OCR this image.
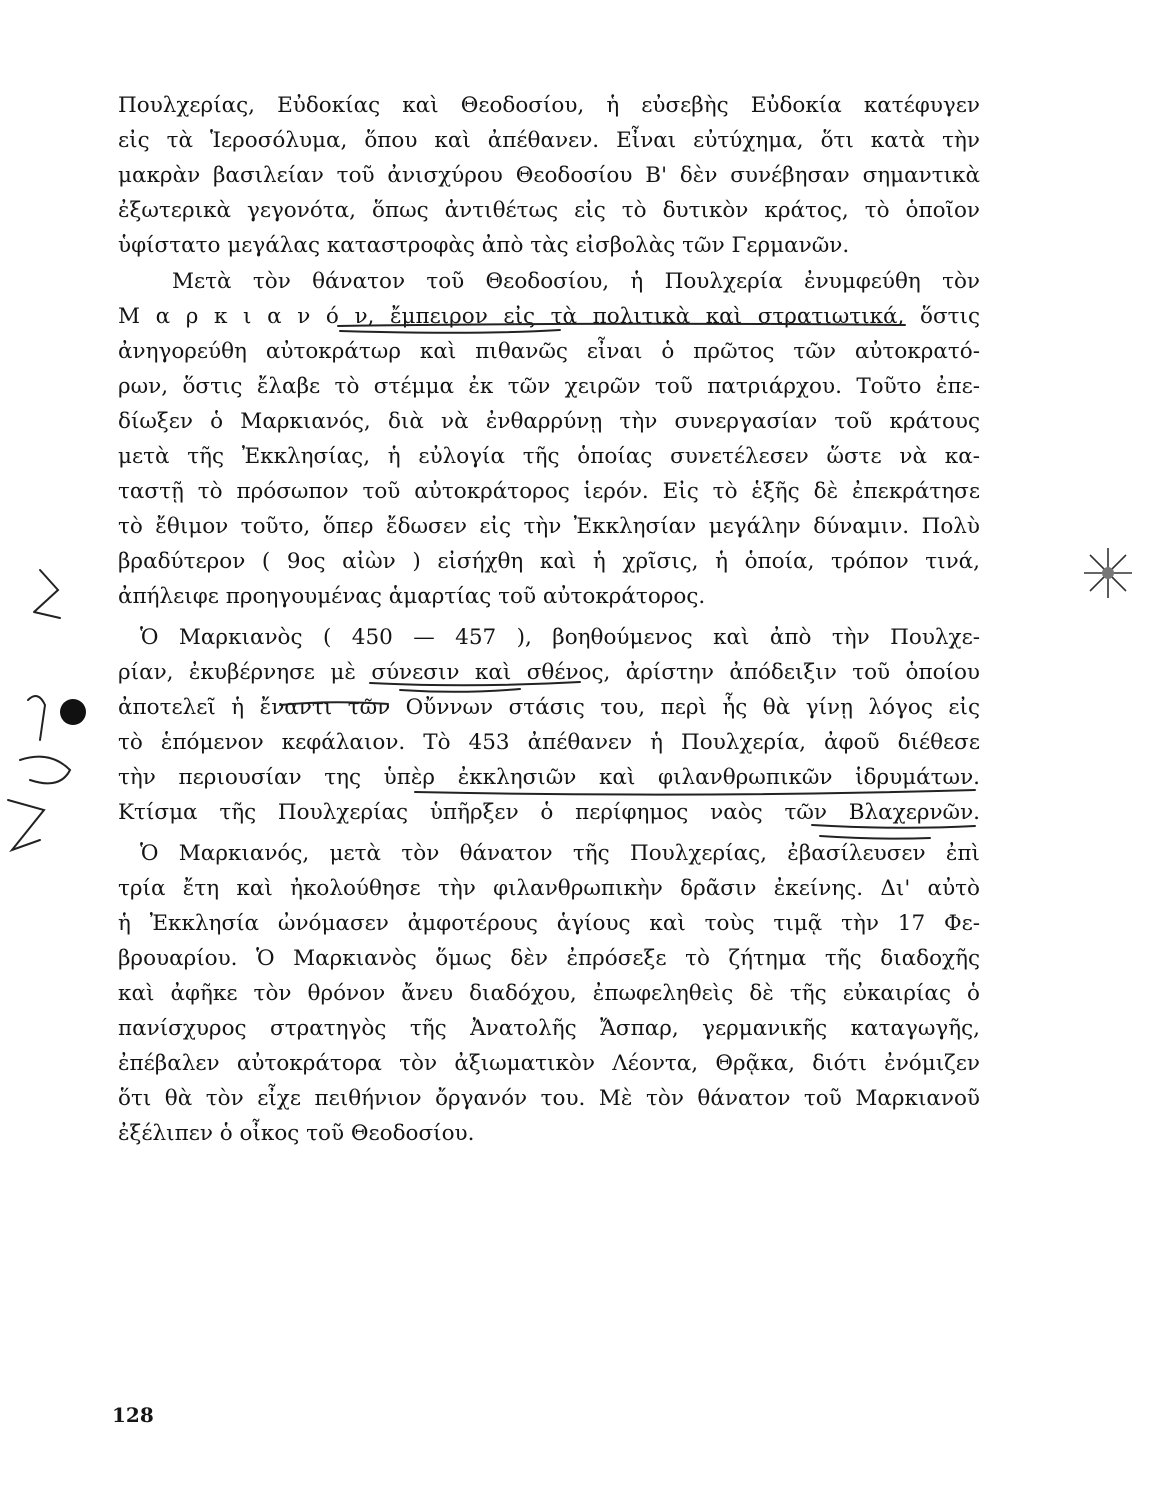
Πουλχερίας, Εὐδοκίας καὶ Θεοδοσίου, ἡ εὐσεβὴς Εὐδοκία κατέφυγεν
εἰς τὰ Ἱεροσόλυμα, ὅπου καὶ ἀπέθανεν. Εἶναι εὐτύχημα, ὅτι κατὰ τὴν
μακρὰν βασιλείαν τοῦ ἀνισχύρου Θεοδοσίου Β' δὲν συνέβησαν σημαντικὰ
ἐξωτερικὰ γεγονότα, ὅπως ἀντιθέτως εἰς τὸ δυτικὸν κράτος, τὸ ὁποῖον
ὑφίστατο μεγάλας καταστροφὰς ἀπὸ τὰς εἰσβολὰς τῶν Γερμανῶν.
Μετὰ τὸν θάνατον τοῦ Θεοδοσίου, ἡ Πουλχερία ἐνυμφεύθη τὸν
Μ α ρ κ ι α ν ό ν, ἔμπειρον εἰς τὰ πολιτικὰ καὶ στρατιωτικά, ὅστις
ἀνηγορεύθη αὐτοκράτωρ καὶ πιθανῶς εἶναι ὁ πρῶτος τῶν αὐτοκρατό-
ρων, ὅστις ἔλαβε τὸ στέμμα ἐκ τῶν χειρῶν τοῦ πατριάρχου. Τοῦτο ἐπε-
δίωξεν ὁ Μαρκιανός, διὰ νὰ ἐνθαρρύνῃ τὴν συνεργασίαν τοῦ κράτους
μετὰ τῆς Ἐκκλησίας, ἡ εὐλογία τῆς ὁποίας συνετέλεσεν ὥστε νὰ κα-
ταστῇ τὸ πρόσωπον τοῦ αὐτοκράτορος ἱερόν. Εἰς τὸ ἑξῆς δὲ ἐπεκράτησε
τὸ ἔθιμον τοῦτο, ὅπερ ἔδωσεν εἰς τὴν Ἐκκλησίαν μεγάλην δύναμιν. Πολὺ
βραδύτερον ( 9ος αἰὼν ) εἰσήχθη καὶ ἡ χρῖσις, ἡ ὁποία, τρόπον τινά,
ἀπήλειφε προηγουμένας ἁμαρτίας τοῦ αὐτοκράτορος.
Ὁ Μαρκιανὸς ( 450 — 457 ), βοηθούμενος καὶ ἀπὸ τὴν Πουλχε-
ρίαν, ἐκυβέρνησε μὲ σύνεσιν καὶ σθένος, ἀρίστην ἀπόδειξιν τοῦ ὁποίου
ἀποτελεῖ ἡ ἔναντι τῶν Οὔννων στάσις του, περὶ ἧς θὰ γίνῃ λόγος εἰς
τὸ ἑπόμενον κεφάλαιον. Τὸ 453 ἀπέθανεν ἡ Πουλχερία, ἀφοῦ διέθεσε
τὴν περιουσίαν της ὑπὲρ ἐκκλησιῶν καὶ φιλανθρωπικῶν ἱδρυμάτων.
Κτίσμα τῆς Πουλχερίας ὑπῆρξεν ὁ περίφημος ναὸς τῶν Βλαχερνῶν.
Ὁ Μαρκιανός, μετὰ τὸν θάνατον τῆς Πουλχερίας, ἐβασίλευσεν ἐπὶ
τρία ἔτη καὶ ἠκολούθησε τὴν φιλανθρωπικὴν δρᾶσιν ἐκείνης. Δι' αὐτὸ
ἡ Ἐκκλησία ὠνόμασεν ἀμφοτέρους ἁγίους καὶ τοὺς τιμᾷ τὴν 17 Φε-
βρουαρίου. Ὁ Μαρκιανὸς ὅμως δὲν ἐπρόσεξε τὸ ζήτημα τῆς διαδοχῆς
καὶ ἀφῆκε τὸν θρόνον ἄνευ διαδόχου, ἐπωφεληθεὶς δὲ τῆς εὐκαιρίας ὁ
πανίσχυρος στρατηγὸς τῆς Ἀνατολῆς Ἄσπαρ, γερμανικῆς καταγωγῆς,
ἐπέβαλεν αὐτοκράτορα τὸν ἀξιωματικὸν Λέοντα, Θρᾷκα, διότι ἐνόμιζεν
ὅτι θὰ τὸν εἶχε πειθήνιον ὄργανόν του. Μὲ τὸν θάνατον τοῦ Μαρκιανοῦ
ἐξέλιπεν ὁ οἶκος τοῦ Θεοδοσίου.
128
